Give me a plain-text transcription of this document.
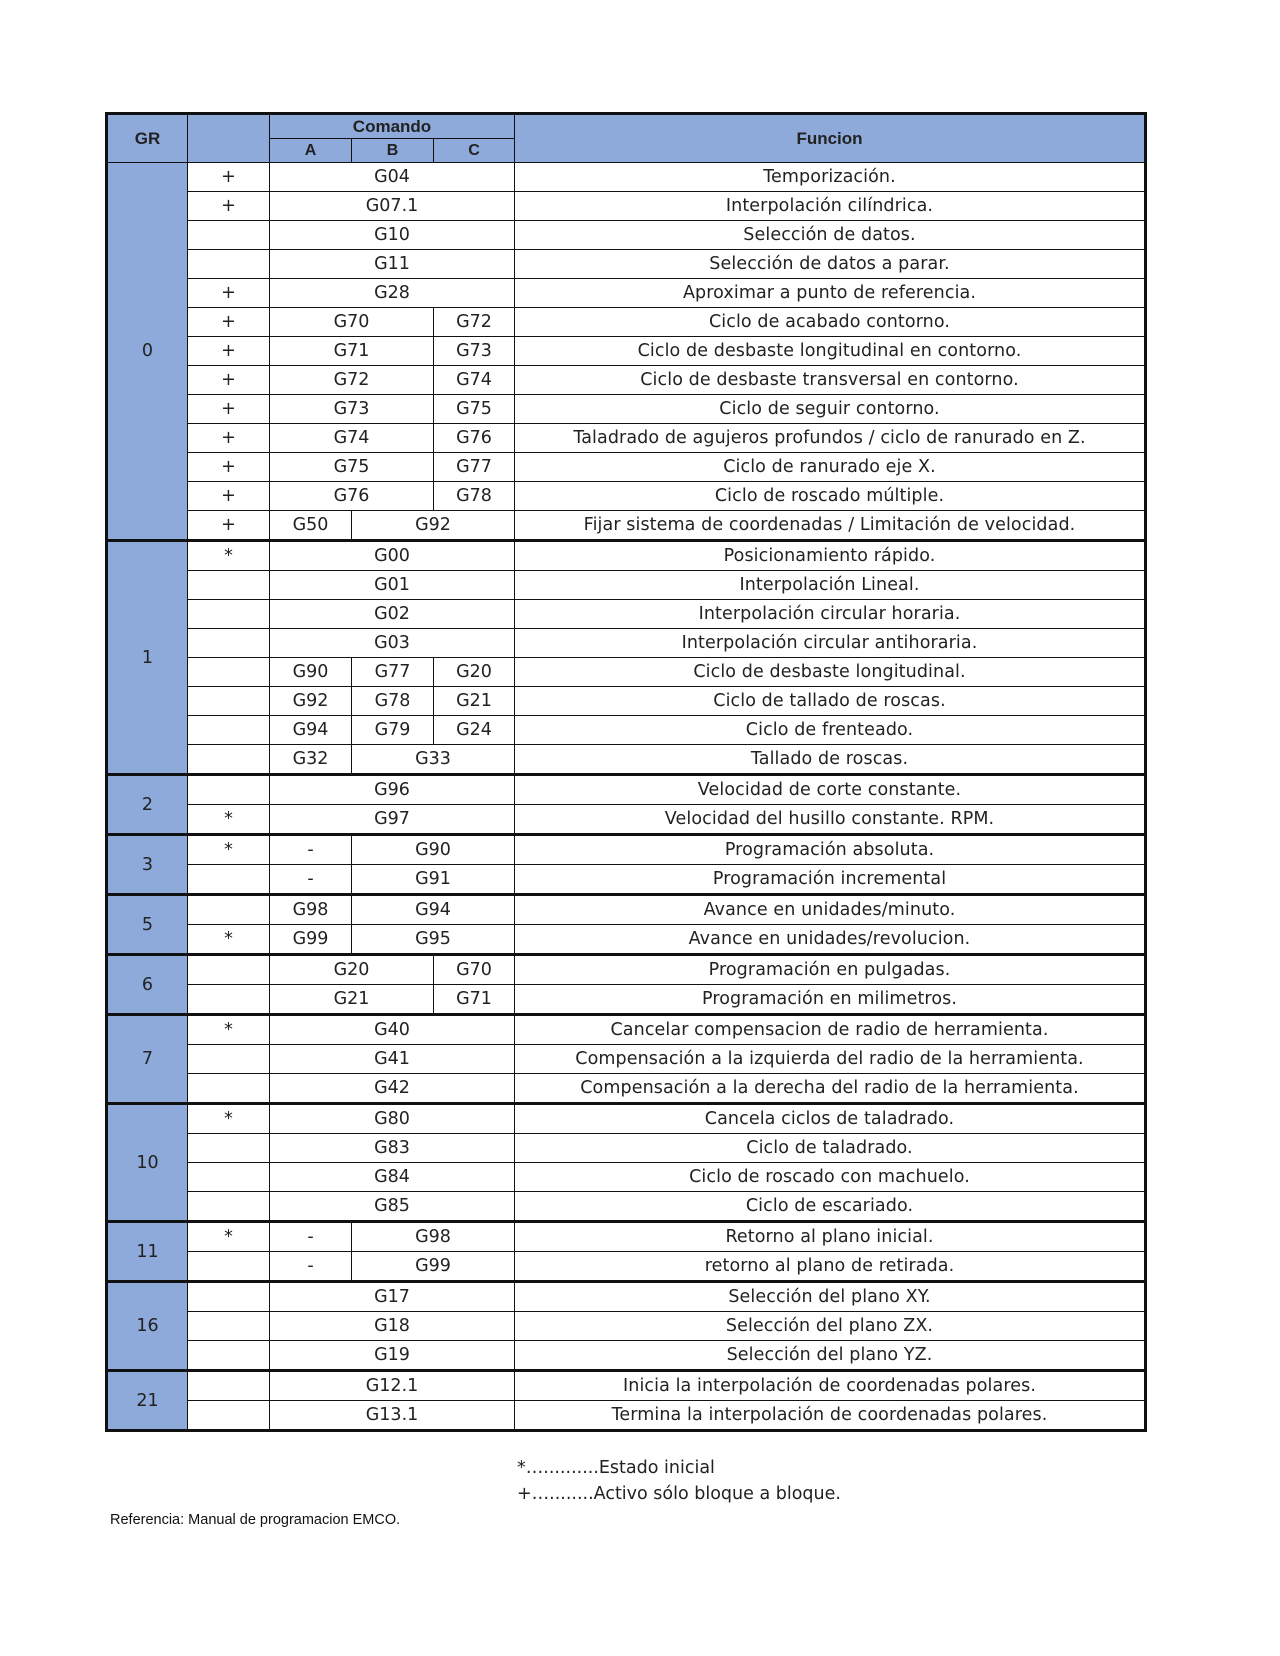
GR		Comando			Funcion
		A	B	C	
0	+	G04			Temporización.
	+	G07.1			Interpolación cilíndrica.
		G10			Selección de datos.
		G11			Selección de datos a parar.
	+	G28			Aproximar a punto de referencia.
	+	G70		G72	Ciclo de acabado contorno.
	+	G71		G73	Ciclo de desbaste longitudinal en contorno.
	+	G72		G74	Ciclo de desbaste transversal en contorno.
	+	G73		G75	Ciclo de seguir contorno.
	+	G74		G76	Taladrado de agujeros profundos / ciclo de ranurado en Z.
	+	G75		G77	Ciclo de ranurado eje X.
	+	G76		G78	Ciclo de roscado múltiple.
	+	G50	G92		Fijar sistema de coordenadas / Limitación de velocidad.
1	*	G00			Posicionamiento rápido.
		G01			Interpolación Lineal.
		G02			Interpolación circular horaria.
		G03			Interpolación circular antihoraria.
		G90	G77	G20	Ciclo de desbaste longitudinal.
		G92	G78	G21	Ciclo de tallado de roscas.
		G94	G79	G24	Ciclo de frenteado.
		G32	G33		Tallado de roscas.
2		G96			Velocidad de corte constante.
	*	G97			Velocidad del husillo constante. RPM.
3	*	-	G90		Programación absoluta.
		-	G91		Programación incremental
5		G98	G94		Avance en unidades/minuto.
	*	G99	G95		Avance en unidades/revolucion.
6		G20		G70	Programación en pulgadas.
		G21		G71	Programación en milimetros.
7	*	G40			Cancelar compensacion de radio de herramienta.
		G41			Compensación a la izquierda del radio de la herramienta.
		G42			Compensación a la derecha del radio de la herramienta.
10	*	G80			Cancela ciclos de taladrado.
		G83			Ciclo de taladrado.
		G84			Ciclo de roscado con machuelo.
		G85			Ciclo de escariado.
11	*	-	G98		Retorno al plano inicial.
		-	G99		retorno al plano de retirada.
16		G17			Selección del plano XY.
		G18			Selección del plano ZX.
		G19			Selección del plano YZ.
21		G12.1			Inicia la interpolación de coordenadas polares.
		G13.1			Termina la interpolación de coordenadas polares.
*…..........Estado inicial
+…........Activo sólo bloque a bloque.
Referencia: Manual de programacion EMCO.
